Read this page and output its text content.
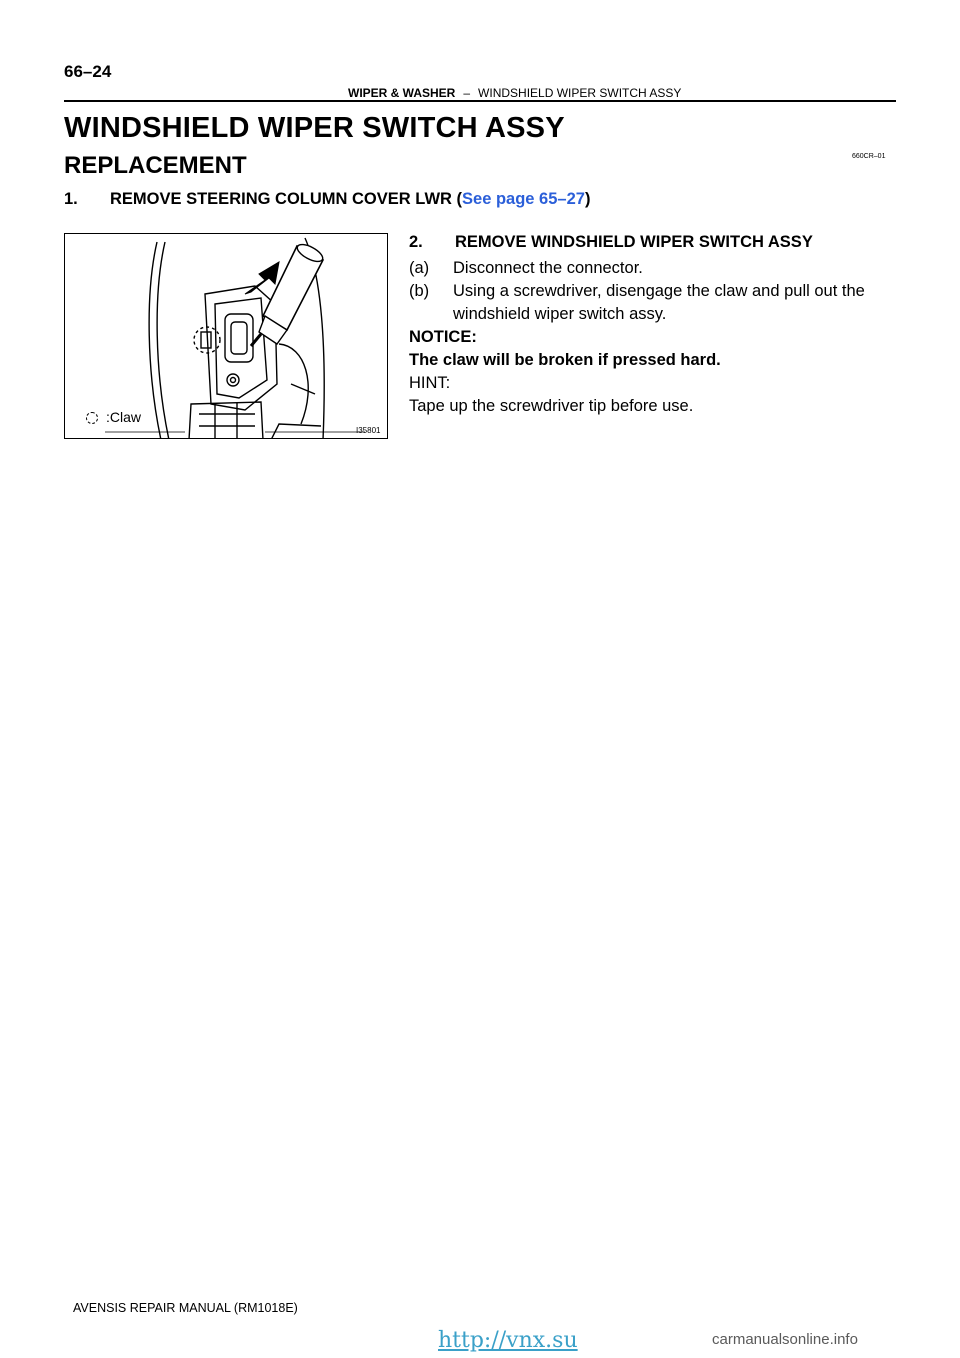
66–24
WIPER & WASHER – WINDSHIELD WIPER SWITCH ASSY
WINDSHIELD WIPER SWITCH ASSY
660CR–01
REPLACEMENT
1. REMOVE STEERING COLUMN COVER LWR (See page 65–27)
:Claw
I35801
2. REMOVE WINDSHIELD WIPER SWITCH ASSY
(a) Disconnect the connector.
(b) Using a screwdriver, disengage the claw and pull out the windshield wiper switch assy.
NOTICE:
The claw will be broken if pressed hard.
HINT:
Tape up the screwdriver tip before use.
AVENSIS REPAIR MANUAL (RM1018E)
http://vnx.su	carmanualsonline.info
